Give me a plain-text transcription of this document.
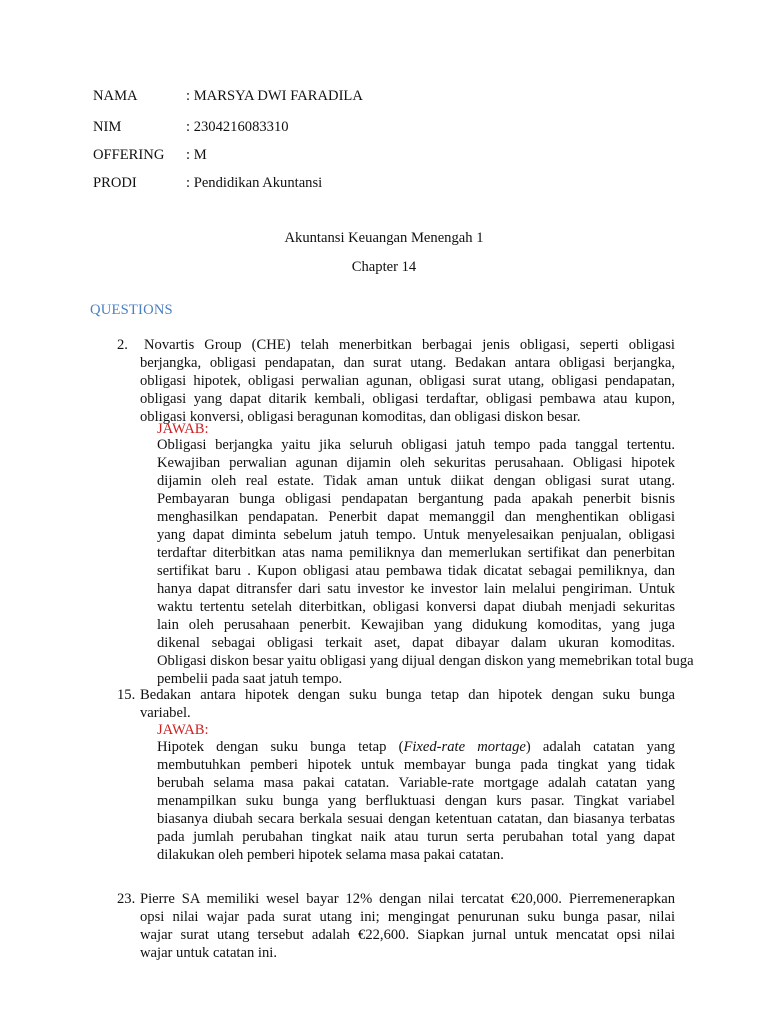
NAMA	: MARSYA DWI FARADILA
NIM	: 2304216083310
OFFERING : M
PRODI	: Pendidikan Akuntansi
Akuntansi Keuangan Menengah 1
Chapter 14
QUESTIONS
2. Novartis Group (CHE) telah menerbitkan berbagai jenis obligasi, seperti obligasi
berjangka, obligasi pendapatan, dan surat utang. Bedakan antara obligasi berjangka,
obligasi hipotek, obligasi perwalian agunan, obligasi surat utang, obligasi pendapatan,
obligasi yang dapat ditarik kembali, obligasi terdaftar, obligasi pembawa atau kupon,
obligasi konversi, obligasi beragunan komoditas, dan obligasi diskon besar.
JAWAB:
Obligasi berjangka yaitu jika seluruh obligasi jatuh tempo pada tanggal tertentu.
Kewajiban perwalian agunan dijamin oleh sekuritas perusahaan. Obligasi hipotek
dijamin oleh real estate. Tidak aman untuk diikat dengan obligasi surat utang.
Pembayaran bunga obligasi pendapatan bergantung pada apakah penerbit bisnis
menghasilkan pendapatan. Penerbit dapat memanggil dan menghentikan obligasi
yang dapat diminta sebelum jatuh tempo. Untuk menyelesaikan penjualan, obligasi
terdaftar diterbitkan atas nama pemiliknya dan memerlukan sertifikat dan penerbitan
sertifikat baru . Kupon obligasi atau pembawa tidak dicatat sebagai pemiliknya, dan
hanya dapat ditransfer dari satu investor ke investor lain melalui pengiriman. Untuk
waktu tertentu setelah diterbitkan, obligasi konversi dapat diubah menjadi sekuritas
lain oleh perusahaan penerbit. Kewajiban yang didukung komoditas, yang juga
dikenal sebagai obligasi terkait aset, dapat dibayar dalam ukuran komoditas.
Obligasi diskon besar yaitu obligasi yang dijual dengan diskon yang memebrikan total buga
pembelii pada saat jatuh tempo.
15. Bedakan antara hipotek dengan suku bunga tetap dan hipotek dengan suku bunga
variabel.
JAWAB:
Hipotek dengan suku bunga tetap (Fixed-rate mortage) adalah catatan yang
membutuhkan pemberi hipotek untuk membayar bunga pada tingkat yang tidak
berubah selama masa pakai catatan. Variable-rate mortgage adalah catatan yang
menampilkan suku bunga yang berfluktuasi dengan kurs pasar. Tingkat variabel
biasanya diubah secara berkala sesuai dengan ketentuan catatan, dan biasanya terbatas
pada jumlah perubahan tingkat naik atau turun serta perubahan total yang dapat
dilakukan oleh pemberi hipotek selama masa pakai catatan.
23. Pierre SA memiliki wesel bayar 12% dengan nilai tercatat €20,000. Pierremenerapkan
opsi nilai wajar pada surat utang ini; mengingat penurunan suku bunga pasar, nilai
wajar surat utang tersebut adalah €22,600. Siapkan jurnal untuk mencatat opsi nilai
wajar untuk catatan ini.
